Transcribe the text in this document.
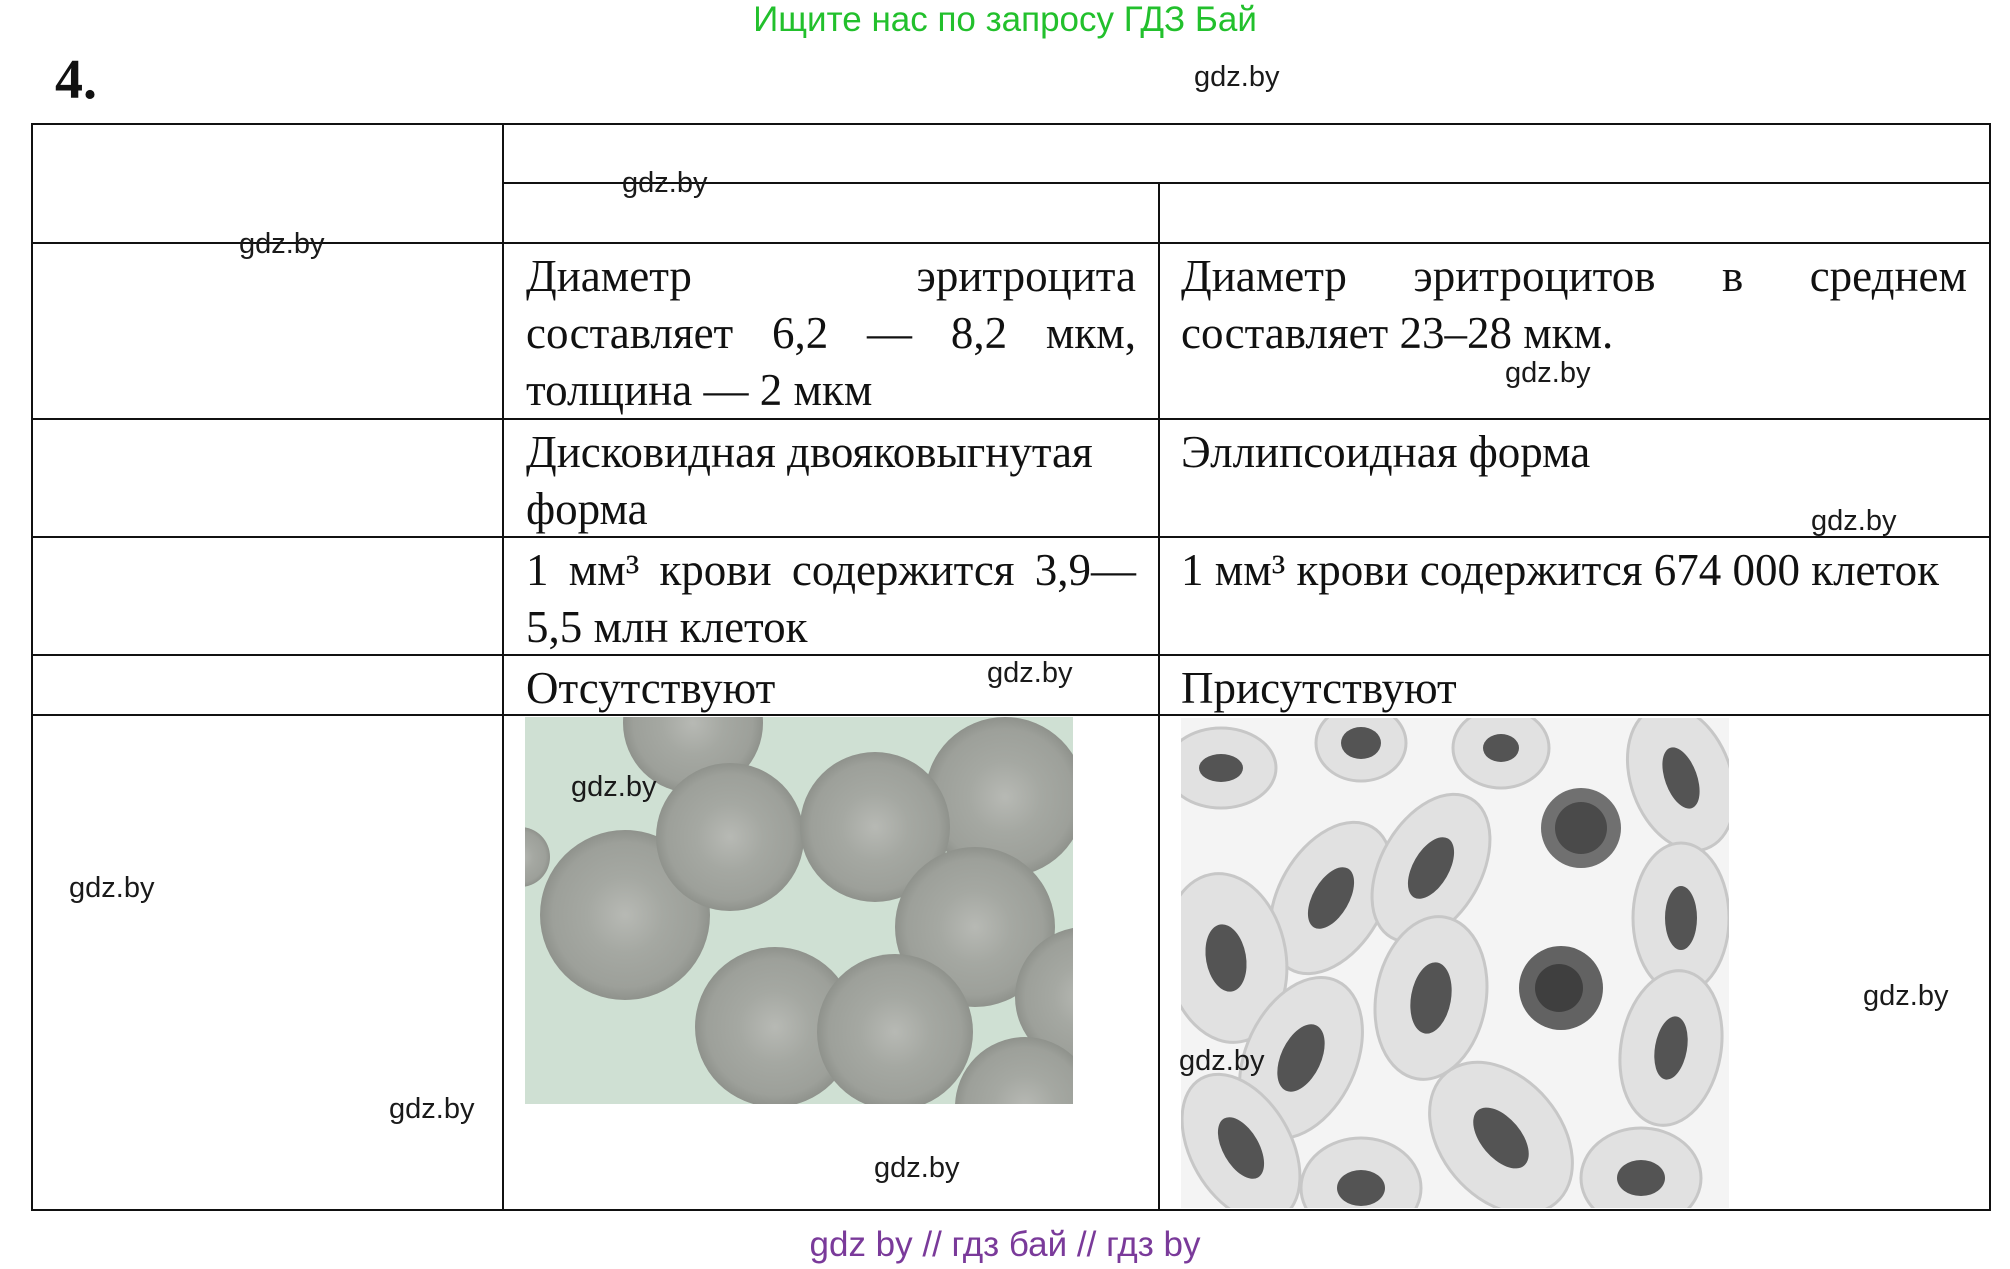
Ищите нас по запросу ГДЗ Бай
4.
Диаметр эритроцита составляет 6,2 — 8,2 мкм, толщина — 2 мкм
Диаметр эритроцитов в среднем составляет 23–28 мкм.
Дисковидная двояковыгнутая форма
Эллипсоидная форма
1 мм³ крови содержится 3,9—5,5 млн клеток
1 мм³ крови содержится 674 000 клеток
Отсутствуют	Присутствуют
gdz.by
gdz.by
gdz.by
gdz.by
gdz.by
gdz.by
gdz.by
gdz.by
gdz.by
gdz.by
gdz.by
gdz.by
gdz by // гдз бай // гдз by
